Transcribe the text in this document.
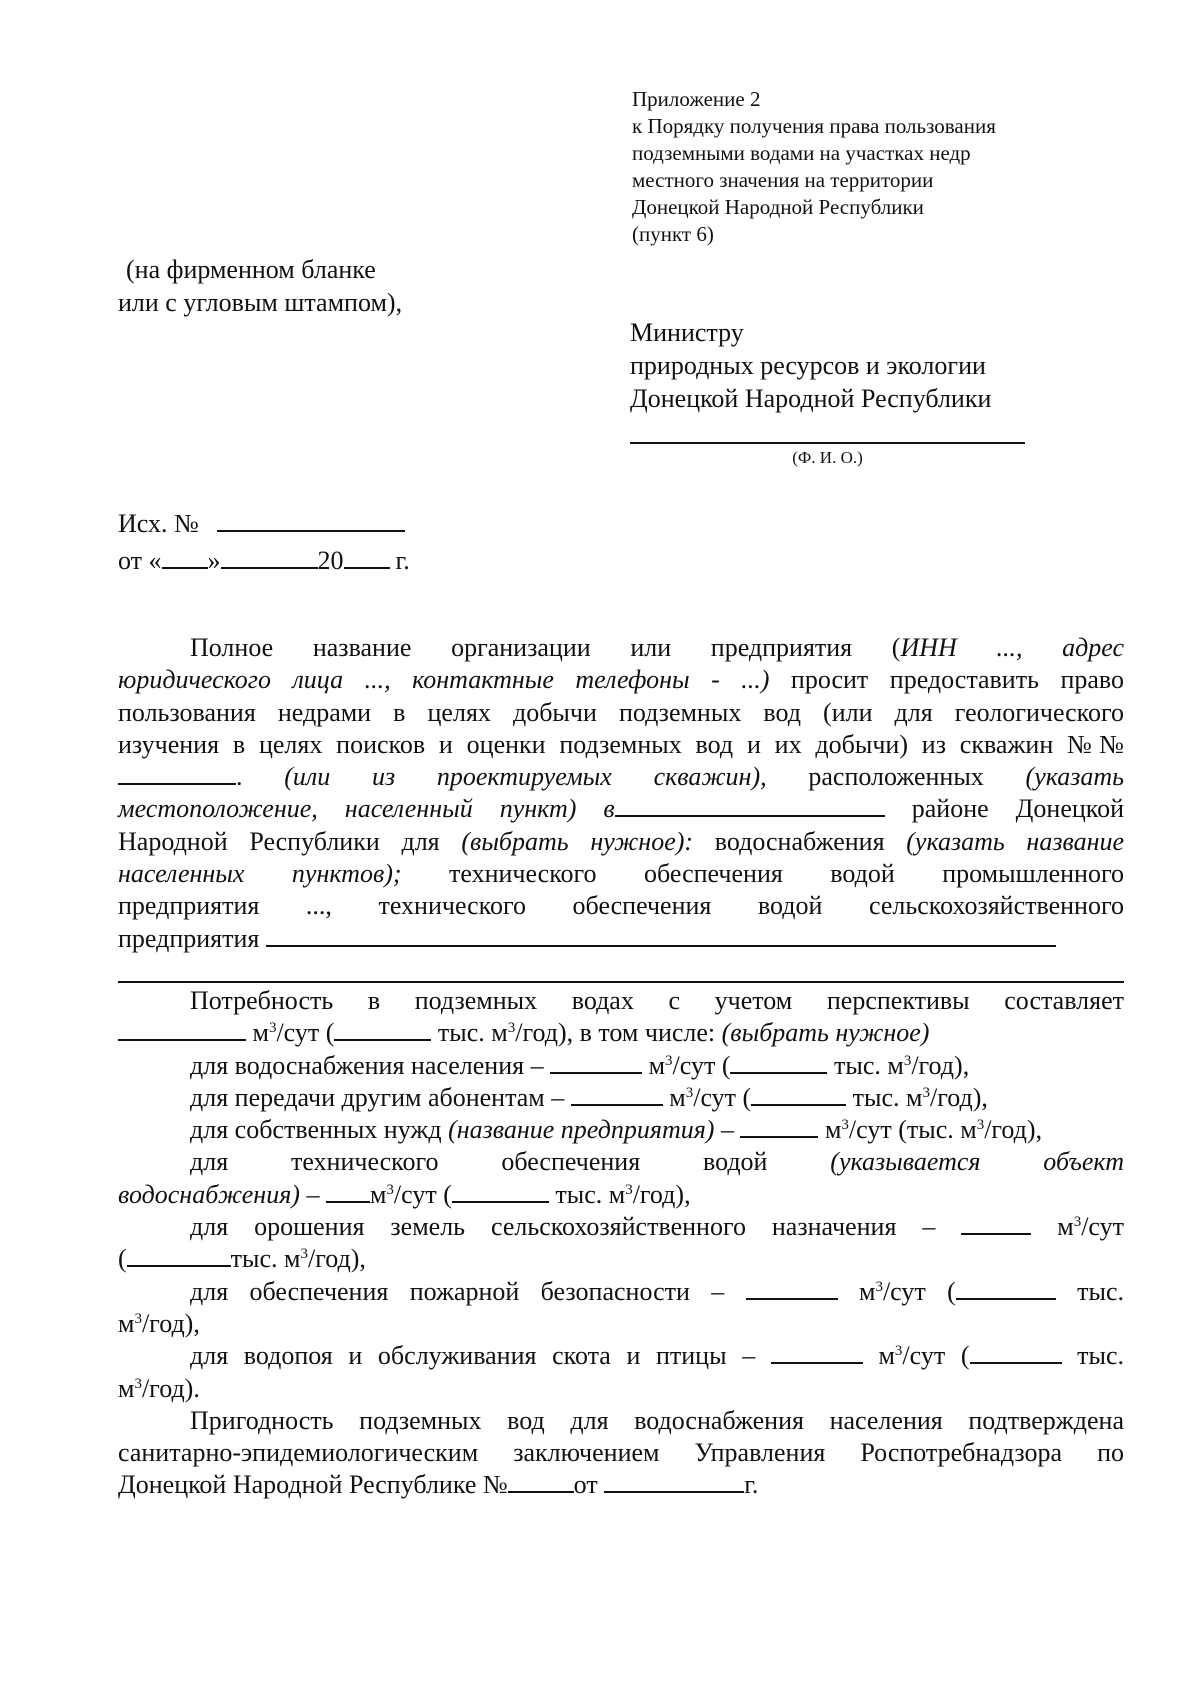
Приложение 2
к Порядку получения права пользования
подземными водами на участках недр
местного значения на территории
Донецкой Народной Республики
(пункт 6)
(на фирменном бланке
или с угловым штампом),
Министру
природных ресурсов и экологии
Донецкой Народной Республики
(Ф. И. О.)
Исх. №
от « »	20 г.

Полное название организации или предприятия (ИНН ..., адрес

юридического лица ..., контактные телефоны - ...) просит предоставить право

пользования недрами в целях добычи подземных вод (или для геологического

изучения в целях поисков и оценки подземных вод и их добычи) из скважин №№

. (или из проектируемых скважин), расположенных (указать

местоположение, населенный пункт) в	районе Донецкой

Народной Республики для (выбрать нужное): водоснабжения (указать название

населенных пунктов); технического обеспечения водой промышленного

предприятия ..., технического обеспечения водой сельскохозяйственного

предприятия

Потребность в подземных водах с учетом перспективы составляет

$м^3$/сут (	тыс. $м^3/год$), в том числе: (выбрать нужное)

для водоснабжения населения –	$м^3$/сут (	тыс. $м^3/год$),

для передачи другим абонентам –	$м^3$/сут (	тыс. $м^3/год$),

для собственных нужд (название предприятия) –	$м^3$/сут (тыс. $м^3/год$),

для технического обеспечения водой (указывается объект

водоснабжения) – $м^3$/сут (	тыс. $м^3/год$),

для орошения земель сельскохозяйственного назначения –	$м^3$/сут

(	тыс. $м^3/год$),

для обеспечения пожарной безопасности –	$м^3$/сут (	тыс.

$м^3/год$),

для водопоя и обслуживания скота и птицы –	$м^3$/сут (	тыс.

$м^3/год$).

Пригодность подземных вод для водоснабжения населения подтверждена

санитарно-эпидемиологическим заключением Управления Роспотребнадзора по

Донецкой Народной Республике №	от	г.
